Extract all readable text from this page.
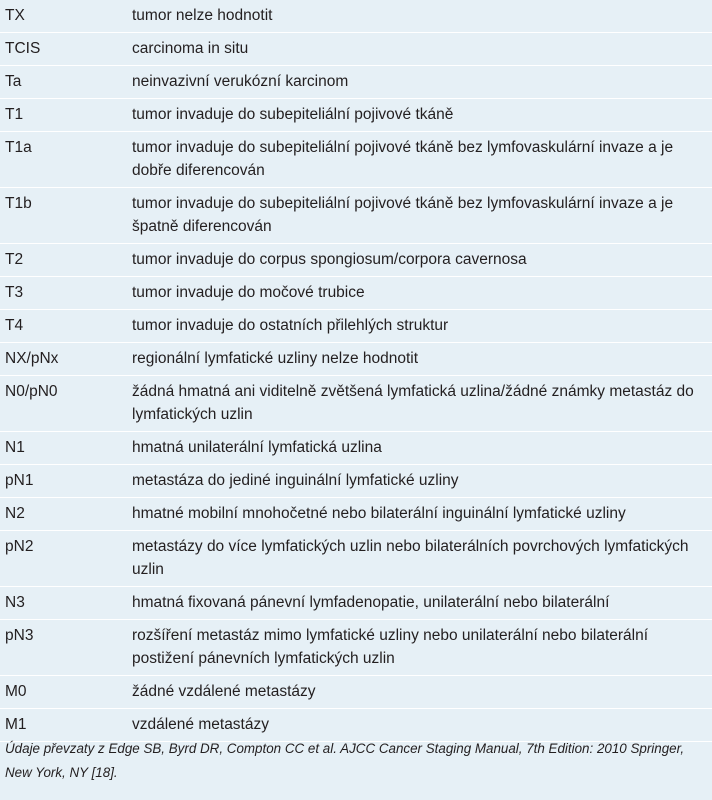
TX	tumor nelze hodnotit
TCIS	carcinoma in situ
Ta	neinvazivní verukózní karcinom
T1	tumor invaduje do subepiteliální pojivové tkáně
T1a	tumor invaduje do subepiteliální pojivové tkáně bez lymfovaskulární invaze a je dobře diferencován
T1b	tumor invaduje do subepiteliální pojivové tkáně bez lymfovaskulární invaze a je špatně diferencován
T2	tumor invaduje do corpus spongiosum/corpora cavernosa
T3	tumor invaduje do močové trubice
T4	tumor invaduje do ostatních přilehlých struktur
NX/pNx	regionální lymfatické uzliny nelze hodnotit
N0/pN0	žádná hmatná ani viditelně zvětšená lymfatická uzlina/žádné známky metastáz do lymfatických uzlin
N1	hmatná unilaterální lymfatická uzlina
pN1	metastáza do jediné inguinální lymfatické uzliny
N2	hmatné mobilní mnohočetné nebo bilaterální inguinální lymfatické uzliny
pN2	metastázy do více lymfatických uzlin nebo bilaterálních povrchových lymfatických uzlin
N3	hmatná fixovaná pánevní lymfadenopatie, unilaterální nebo bilaterální
pN3	rozšíření metastáz mimo lymfatické uzliny nebo unilaterální nebo bilaterální postižení pánevních lymfatických uzlin
M0	žádné vzdálené metastázy
M1	vzdálené metastázy
Údaje převzaty z Edge SB, Byrd DR, Compton CC et al. AJCC Cancer Staging Manual, 7th Edition: 2010 Springer, New York, NY [18].
